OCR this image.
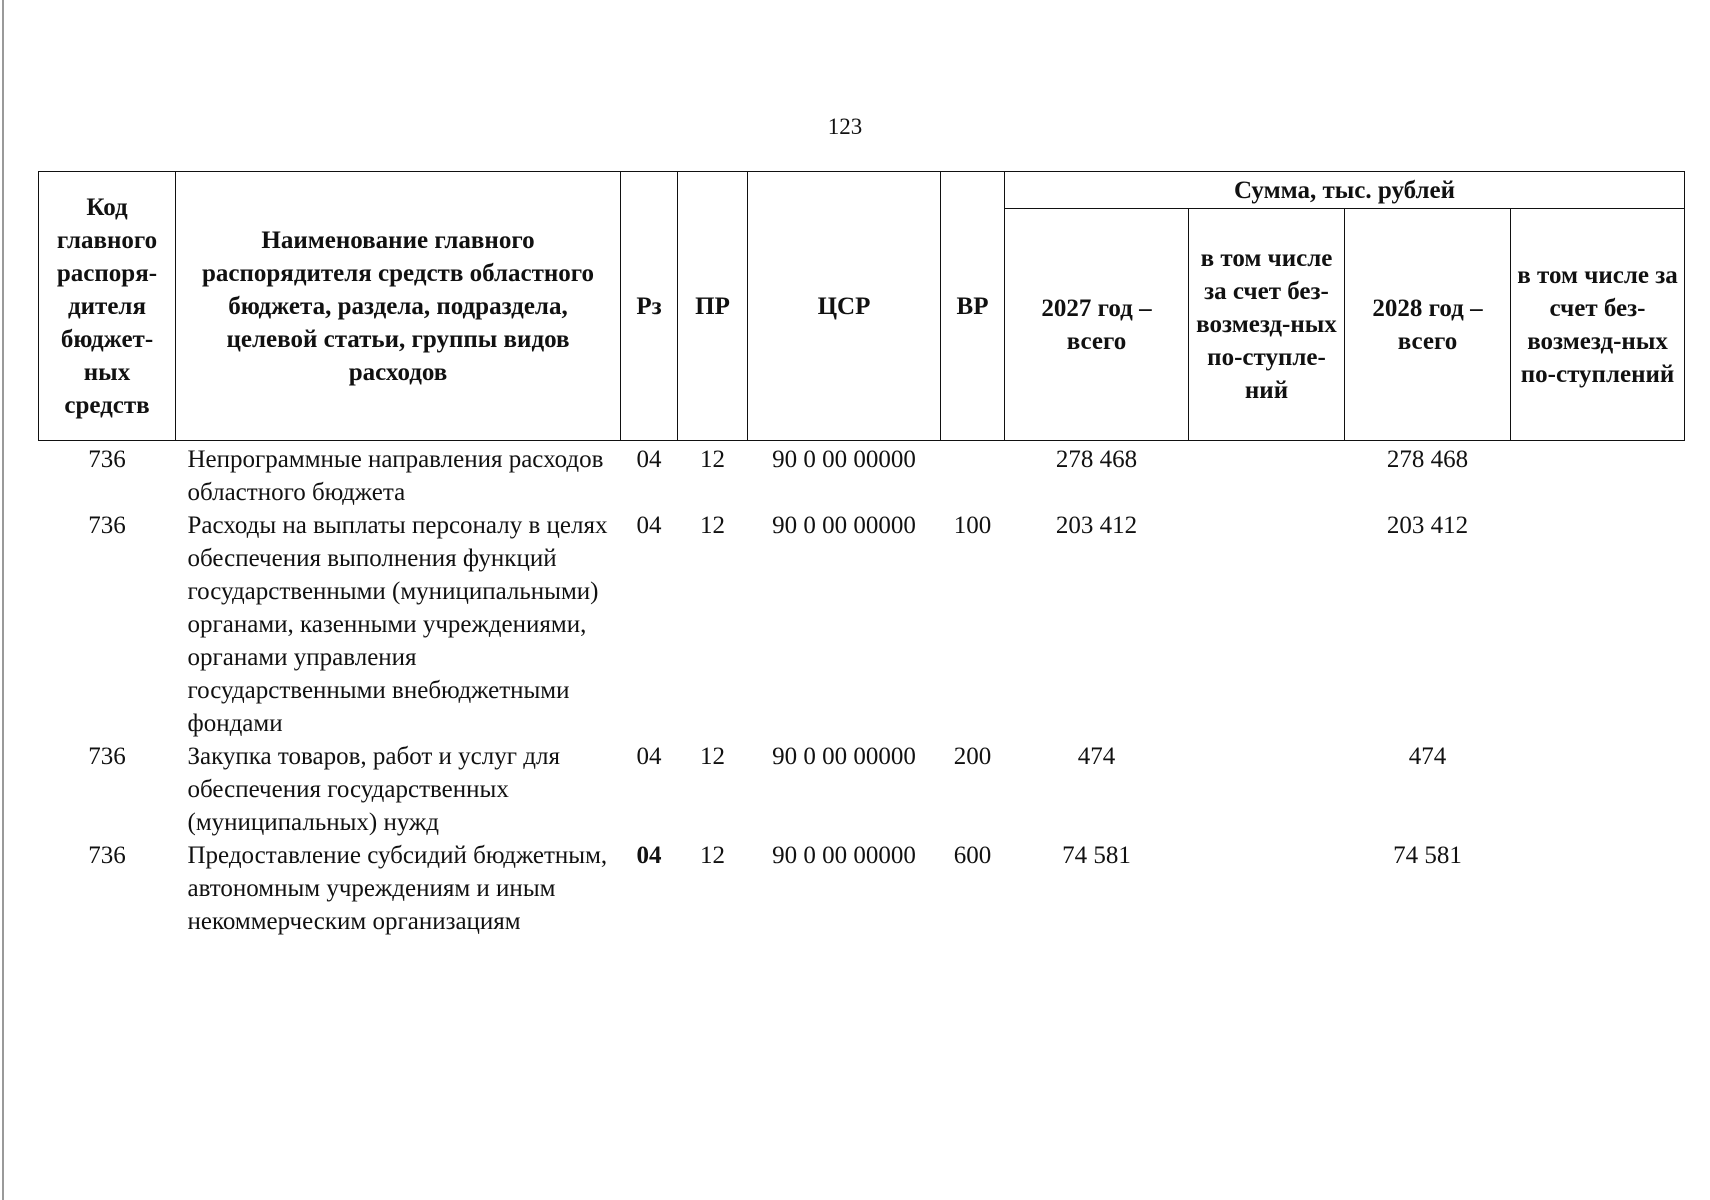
123
Код главного распоря-дителя бюджет-ных средств	Наименование главного распорядителя средств областного бюджета, раздела, подраздела, целевой статьи, группы видов расходов	Рз	ПР	ЦСР	ВР	Сумма, тыс. рублей			
						2027 год – всего	в том числе за счет без-возмезд-ных по-ступле-ний	2028 год – всего	в том числе за счет без-возмезд-ных по-ступлений
736	Непрограммные направления расходов областного бюджета	04	12	90 0 00 00000		278 468		278 468	
736	Расходы на выплаты персоналу в целях обеспечения выполнения функций государственными (муниципальными) органами, казенными учреждениями, органами управления государственными внебюджетными фондами	04	12	90 0 00 00000	100	203 412		203 412	
736	Закупка товаров, работ и услуг для обеспечения государственных (муниципальных) нужд	04	12	90 0 00 00000	200	474		474	
736	Предоставление субсидий бюджетным, автономным учреждениям и иным некоммерческим организациям	04	12	90 0 00 00000	600	74 581		74 581	
